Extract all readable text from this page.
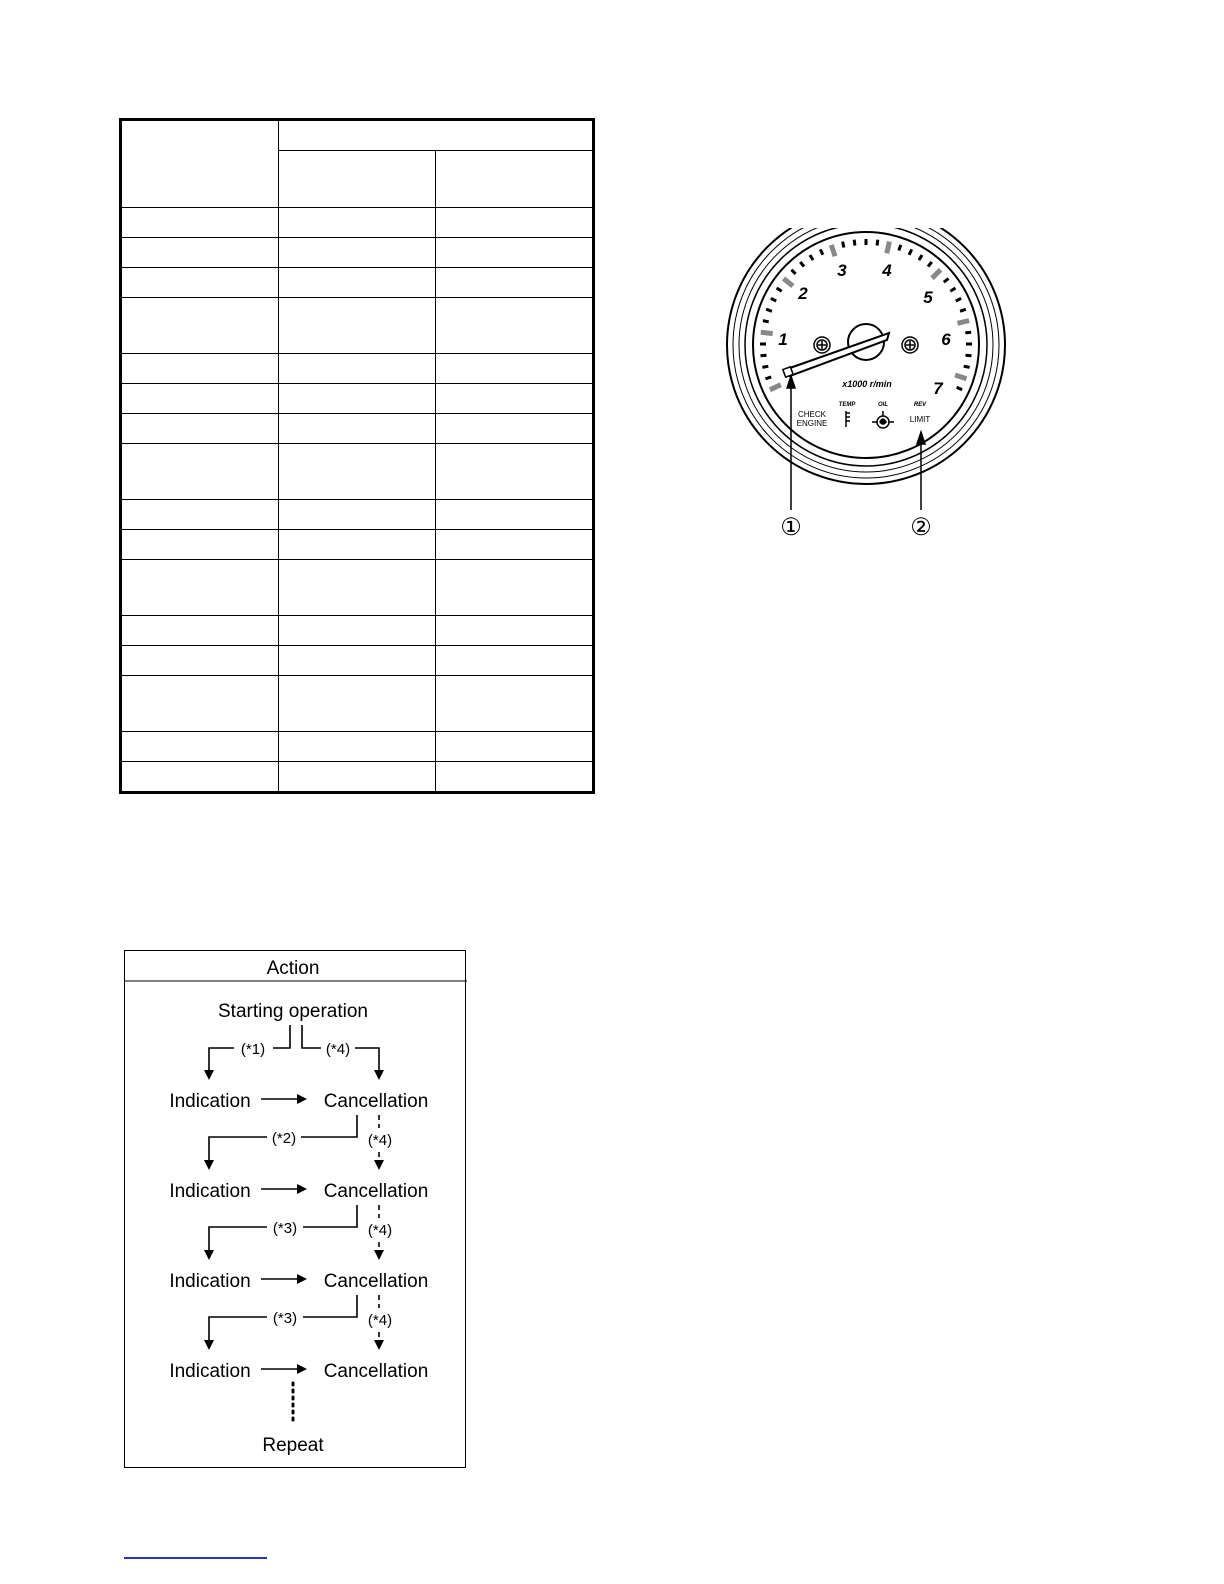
1
2
3 4
5
6
7
x1000 r/min
CHECK
ENGINE
TEMP	OIL	REV
LIMIT
①	②
Action
Starting operation
(*1)	(*4)
Indication	Cancellation
(*2)	(*4)
Indication	Cancellation
(*3)	(*4)
Indication	Cancellation
(*3)	(*4)
Indication	Cancellation
Repeat
